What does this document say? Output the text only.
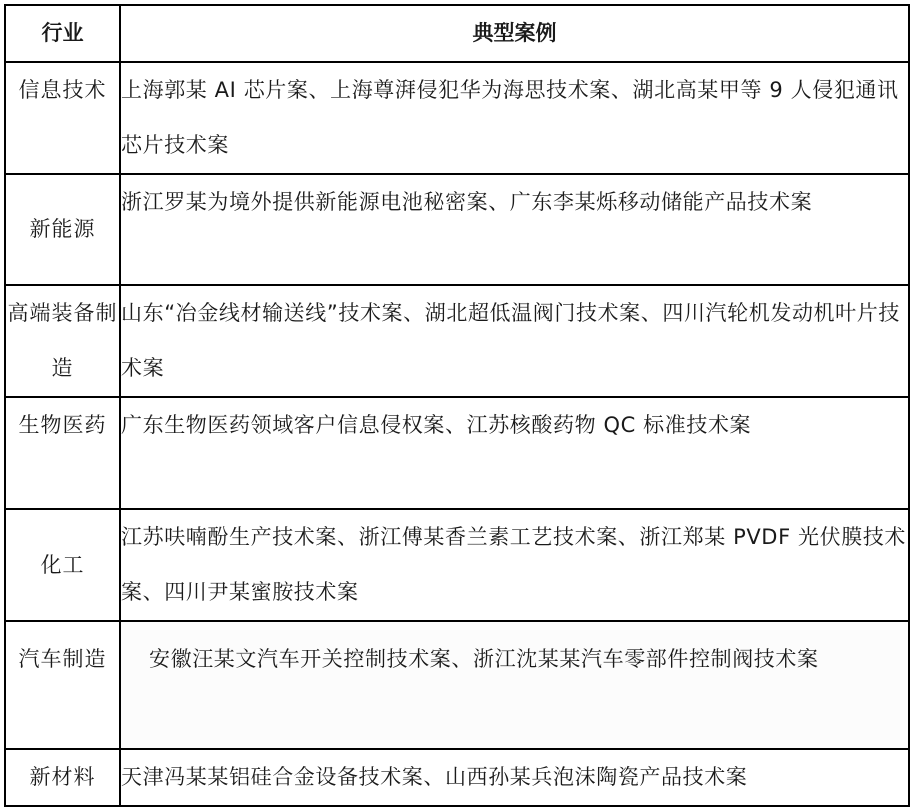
行业	典型案例
信息技术	上海郭某 AI 芯片案、上海尊湃侵犯华为海思技术案、湖北高某甲等 9 人侵犯通讯芯片技术案
新能源	浙江罗某为境外提供新能源电池秘密案、广东李某烁移动储能产品技术案
高端装备制造	山东“冶金线材输送线”技术案、湖北超低温阀门技术案、四川汽轮机发动机叶片技术案
生物医药	广东生物医药领域客户信息侵权案、江苏核酸药物 QC 标准技术案
化工	江苏呋喃酚生产技术案、浙江傅某香兰素工艺技术案、浙江郑某 PVDF 光伏膜技术案、四川尹某蜜胺技术案
汽车制造	安徽汪某文汽车开关控制技术案、浙江沈某某汽车零部件控制阀技术案
新材料	天津冯某某铝硅合金设备技术案、山西孙某兵泡沫陶瓷产品技术案
